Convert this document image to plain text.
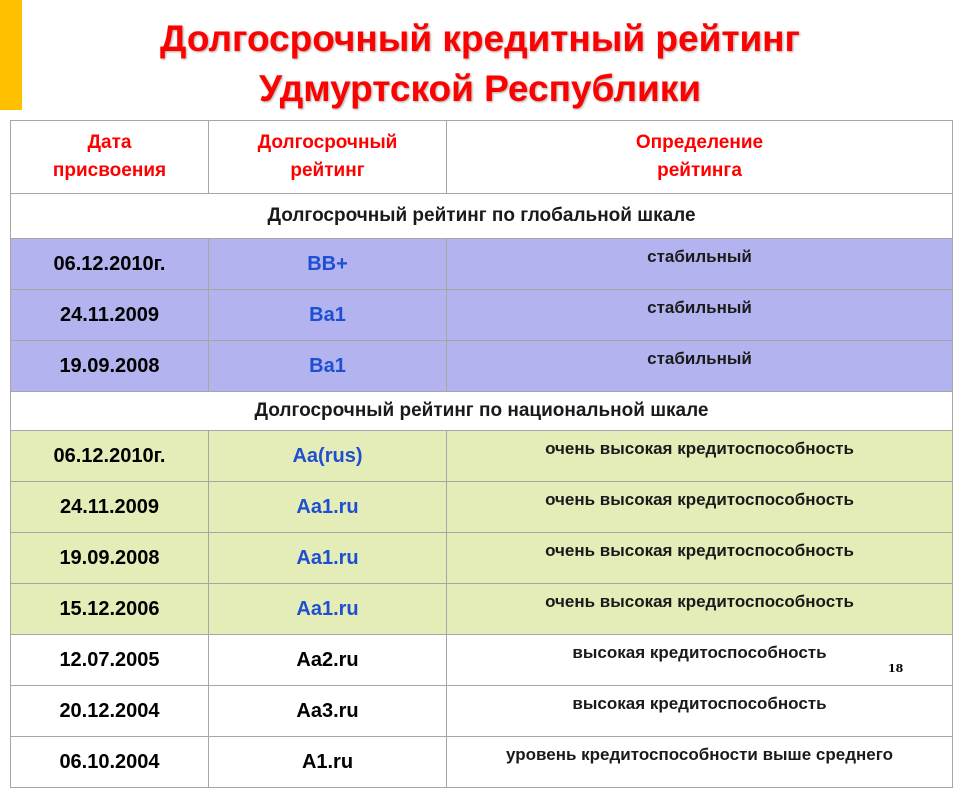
Долгосрочный кредитный рейтинг
Удмуртской Республики
Дата присвоения	Долгосрочный рейтинг	Определение рейтинга
Долгосрочный рейтинг по глобальной шкале		
06.12.2010г.	BB+	стабильный
24.11.2009	Ba1	стабильный
19.09.2008	Ba1	стабильный
Долгосрочный рейтинг по национальной шкале		
06.12.2010г.	Aa(rus)	очень высокая кредитоспособность
24.11.2009	Aa1.ru	очень высокая кредитоспособность
19.09.2008	Aa1.ru	очень высокая кредитоспособность
15.12.2006	Aa1.ru	очень высокая кредитоспособность
12.07.2005	Aa2.ru	высокая кредитоспособность
20.12.2004	Aa3.ru	высокая кредитоспособность
06.10.2004	A1.ru	уровень кредитоспособности выше среднего
18
